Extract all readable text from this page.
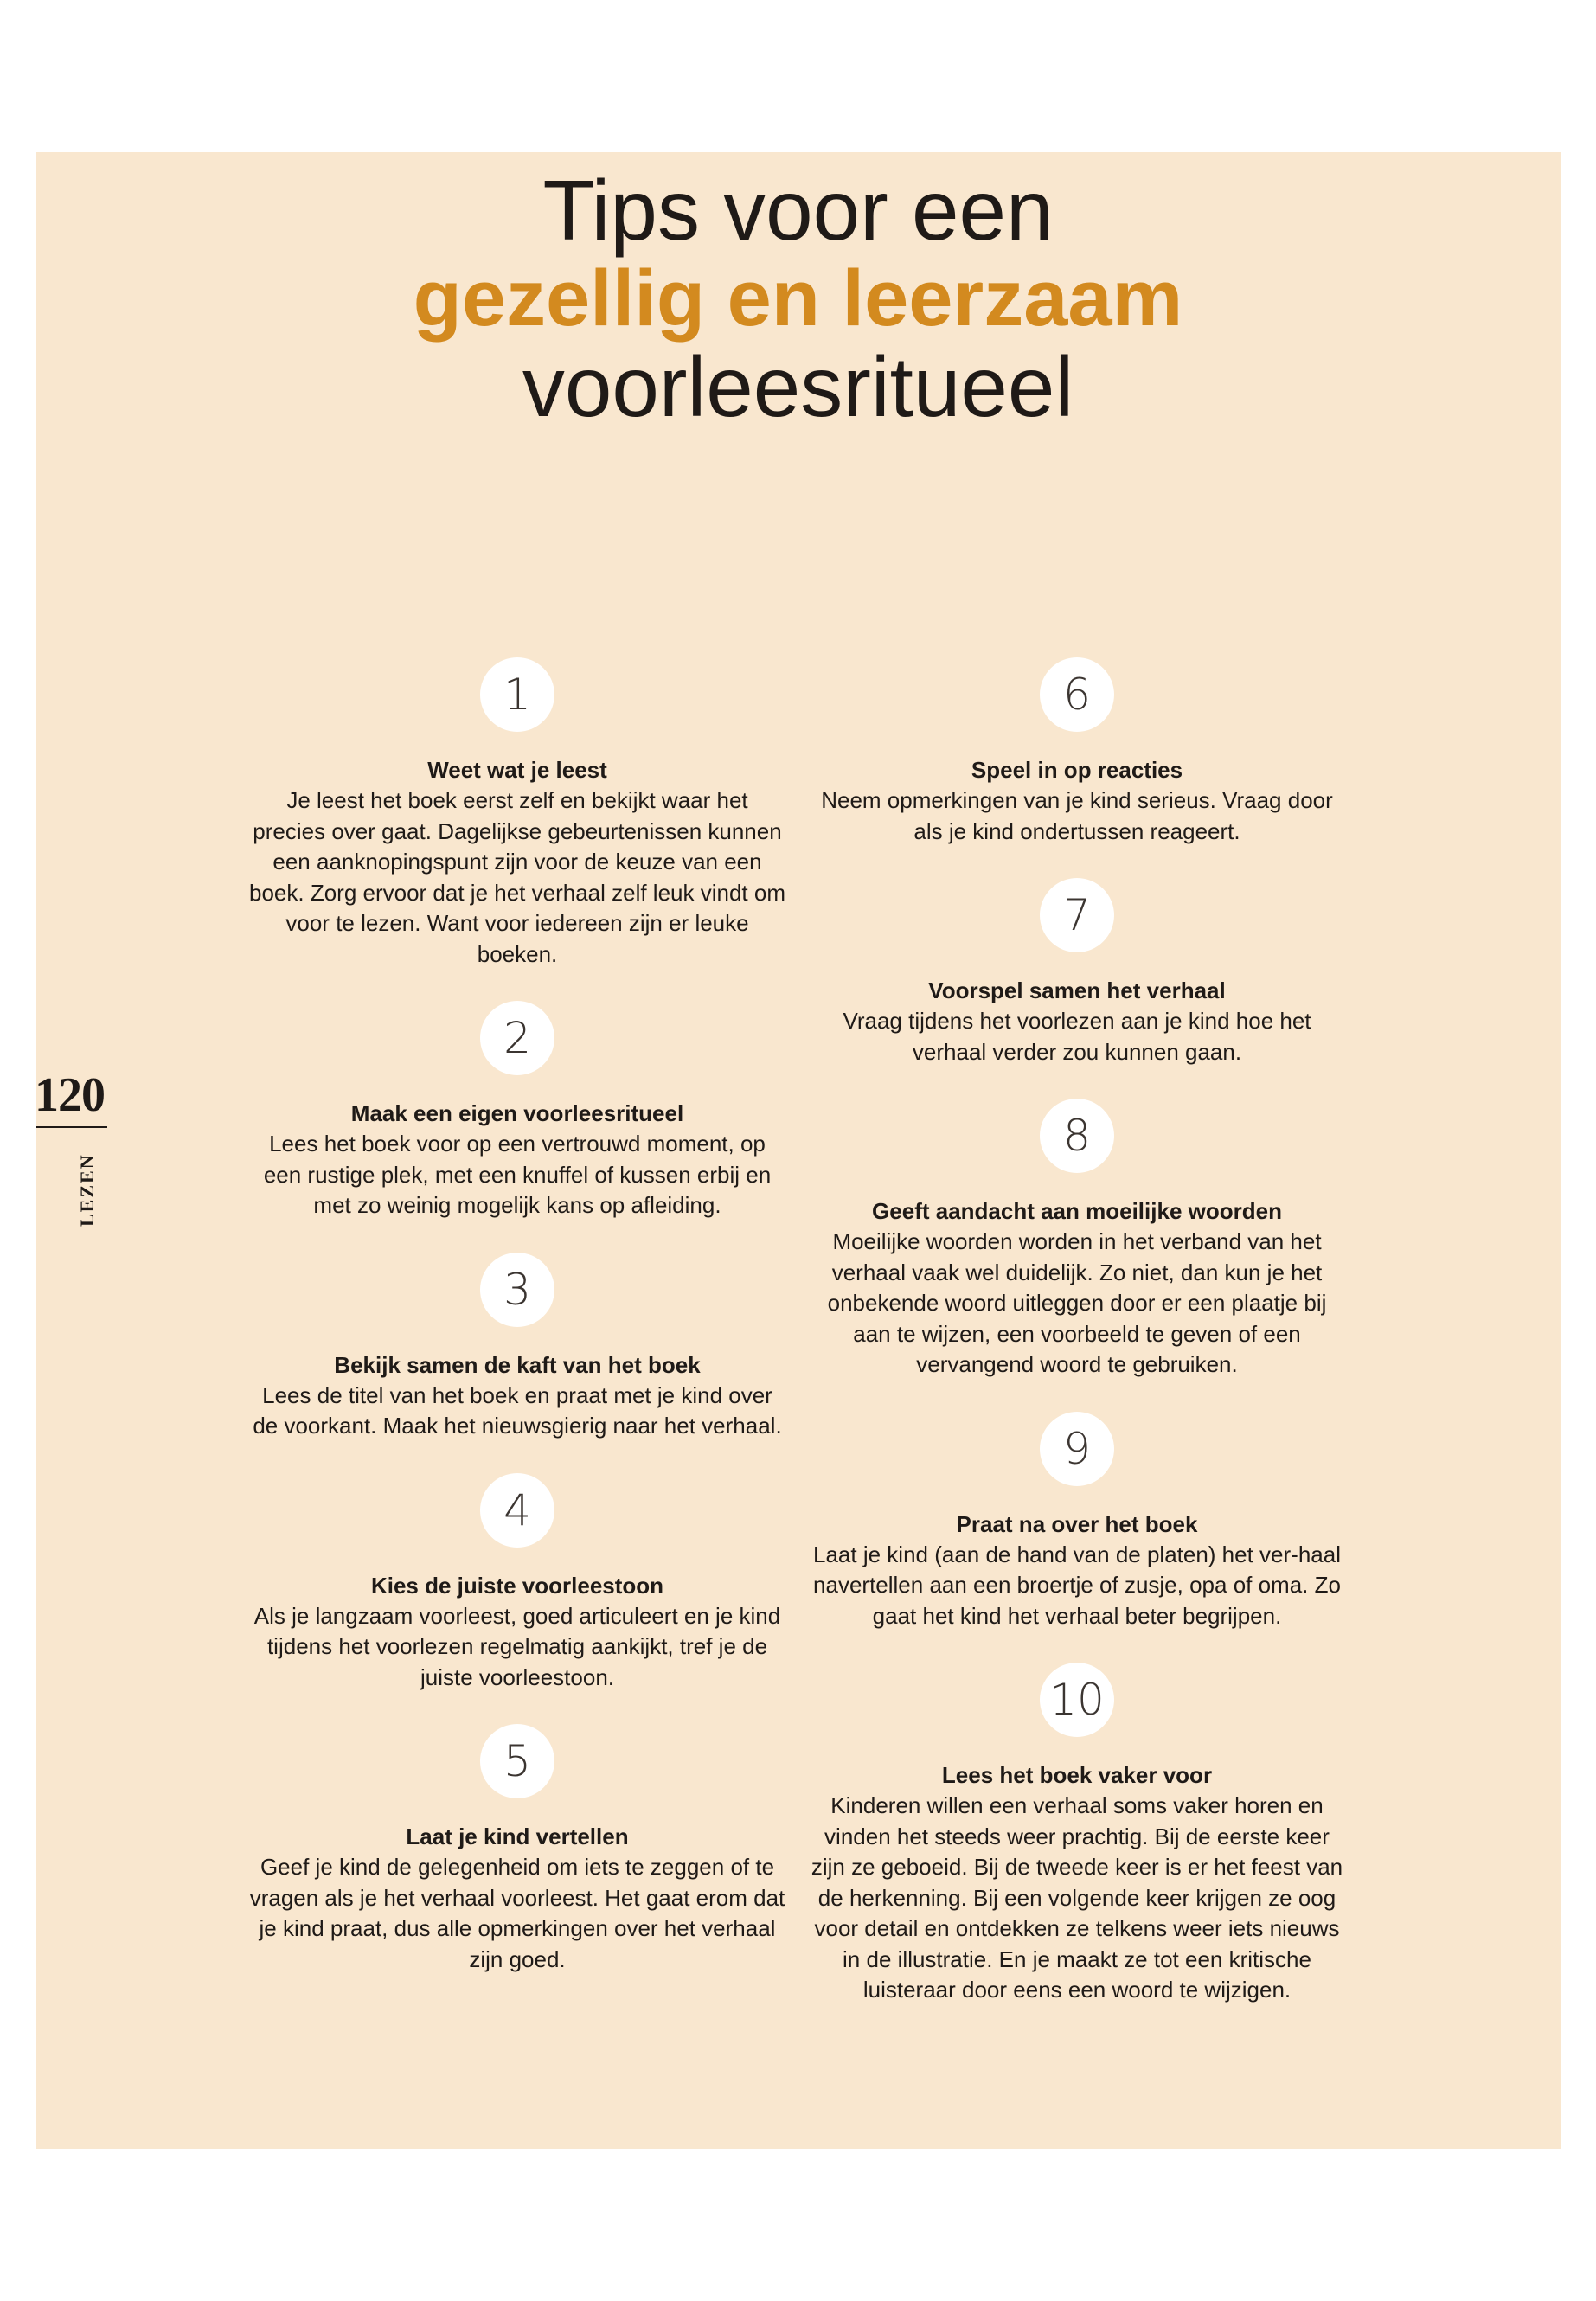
Tips voor een
gezellig en leerzaam
voorleesritueel
120
LEZEN
1
Weet wat je leest
Je leest het boek eerst zelf en bekijkt waar het precies over gaat. Dagelijkse gebeurtenissen kunnen een aanknopingspunt zijn voor de keuze van een boek. Zorg ervoor dat je het verhaal zelf leuk vindt om voor te lezen. Want voor iedereen zijn er leuke boeken.
2
Maak een eigen voorleesritueel
Lees het boek voor op een vertrouwd moment, op een rustige plek, met een knuffel of kussen erbij en met zo weinig mogelijk kans op afleiding.
3
Bekijk samen de kaft van het boek
Lees de titel van het boek en praat met je kind over de voorkant. Maak het nieuwsgierig naar het verhaal.
4
Kies de juiste voorleestoon
Als je langzaam voorleest, goed articuleert en je kind tijdens het voorlezen regelmatig aankijkt, tref je de juiste voorleestoon.
5
Laat je kind vertellen
Geef je kind de gelegenheid om iets te zeggen of te vragen als je het verhaal voorleest. Het gaat erom dat je kind praat, dus alle opmerkingen over het verhaal zijn goed.
6
Speel in op reacties
Neem opmerkingen van je kind serieus. Vraag door als je kind ondertussen reageert.
7
Voorspel samen het verhaal
Vraag tijdens het voorlezen aan je kind hoe het verhaal verder zou kunnen gaan.
8
Geeft aandacht aan moeilijke woorden
Moeilijke woorden worden in het verband van het verhaal vaak wel duidelijk. Zo niet, dan kun je het onbekende woord uitleggen door er een plaatje bij aan te wijzen, een voorbeeld te geven of een vervangend woord te gebruiken.
9
Praat na over het boek
Laat je kind (aan de hand van de platen) het ver-haal navertellen aan een broertje of zusje, opa of oma. Zo gaat het kind het verhaal beter begrijpen.
10
Lees het boek vaker voor
Kinderen willen een verhaal soms vaker horen en vinden het steeds weer prachtig. Bij de eerste keer zijn ze geboeid. Bij de tweede keer is er het feest van de herkenning. Bij een volgende keer krijgen ze oog voor detail en ontdekken ze telkens weer iets nieuws in de illustratie. En je maakt ze tot een kritische luisteraar door eens een woord te wijzigen.
